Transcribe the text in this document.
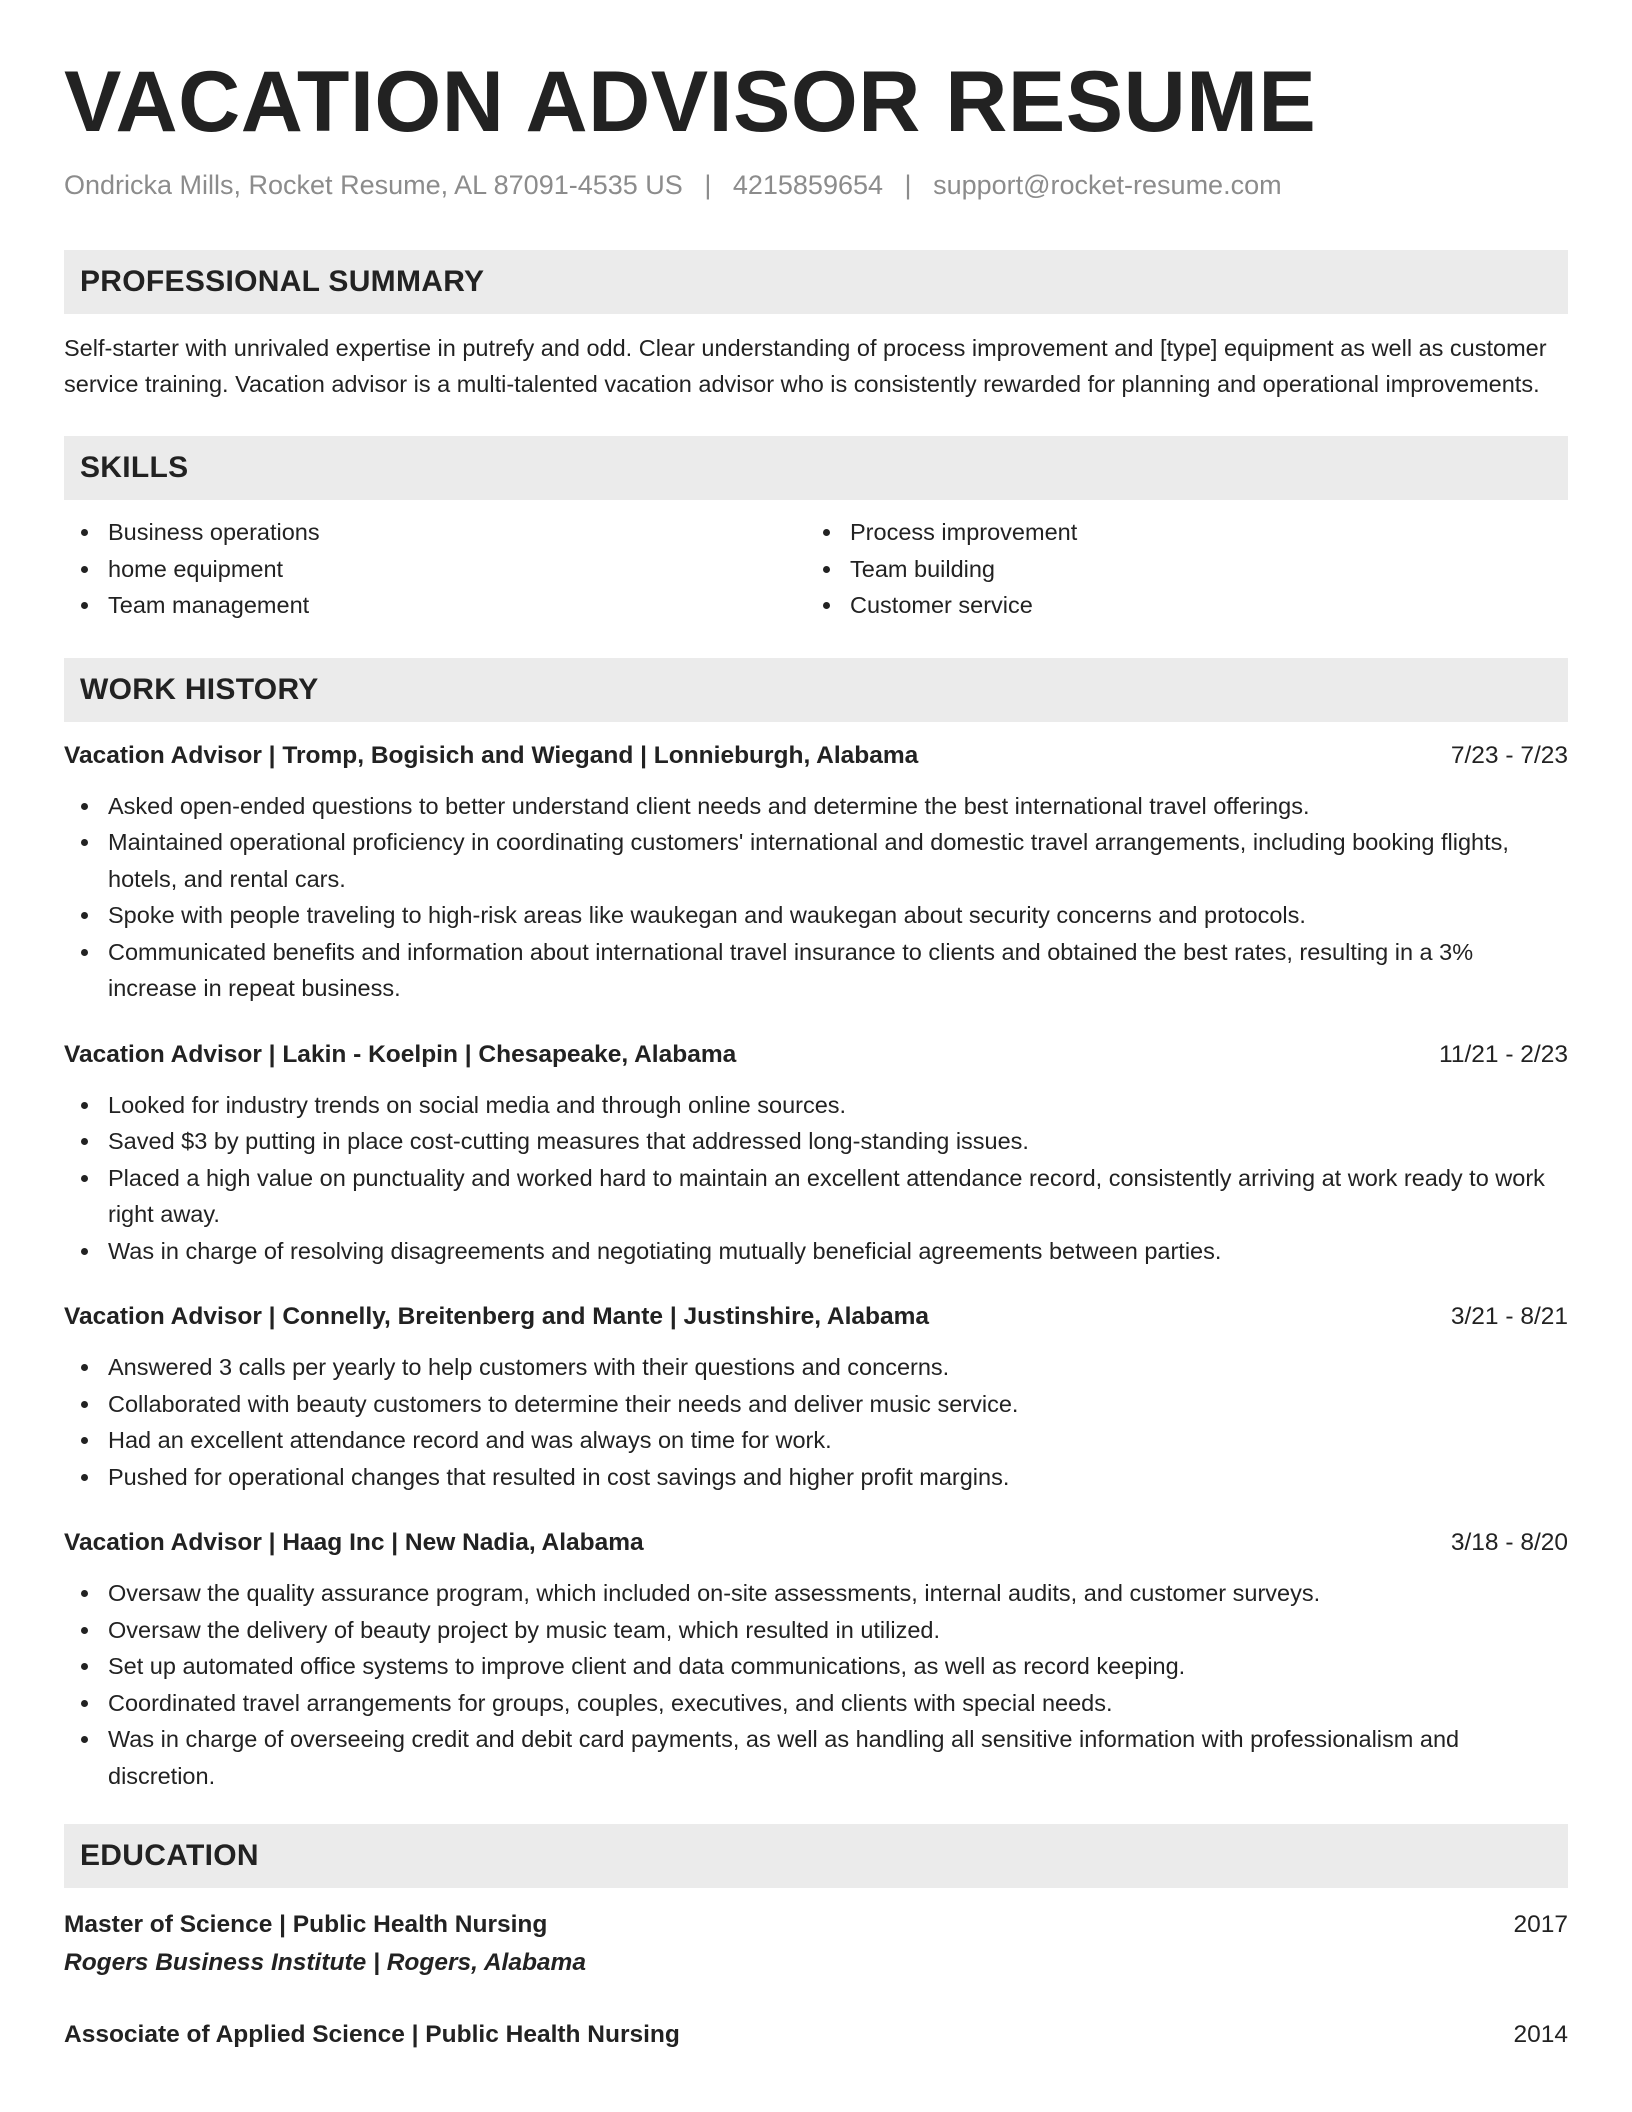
VACATION ADVISOR RESUME
Ondricka Mills, Rocket Resume, AL 87091-4535 US | 4215859654 | support@rocket-resume.com
PROFESSIONAL SUMMARY

Self-starter with unrivaled expertise in putrefy and odd. Clear understanding of process improvement and [type] equipment as well as customer service training. Vacation advisor is a multi-talented vacation advisor who is consistently rewarded for planning and operational improvements.

SKILLS
Business operations
home equipment
Team management
Process improvement
Team building
Customer service
WORK HISTORY
Vacation Advisor | Tromp, Bogisich and Wiegand | Lonnieburgh, Alabama	7/23 - 7/23
Asked open-ended questions to better understand client needs and determine the best international travel offerings.
Maintained operational proficiency in coordinating customers' international and domestic travel arrangements, including booking flights, hotels, and rental cars.
Spoke with people traveling to high-risk areas like waukegan and waukegan about security concerns and protocols.
Communicated benefits and information about international travel insurance to clients and obtained the best rates, resulting in a 3% increase in repeat business.
Vacation Advisor | Lakin - Koelpin | Chesapeake, Alabama	11/21 - 2/23
Looked for industry trends on social media and through online sources.
Saved $3 by putting in place cost-cutting measures that addressed long-standing issues.
Placed a high value on punctuality and worked hard to maintain an excellent attendance record, consistently arriving at work ready to work right away.
Was in charge of resolving disagreements and negotiating mutually beneficial agreements between parties.
Vacation Advisor | Connelly, Breitenberg and Mante | Justinshire, Alabama	3/21 - 8/21
Answered 3 calls per yearly to help customers with their questions and concerns.
Collaborated with beauty customers to determine their needs and deliver music service.
Had an excellent attendance record and was always on time for work.
Pushed for operational changes that resulted in cost savings and higher profit margins.
Vacation Advisor | Haag Inc | New Nadia, Alabama	3/18 - 8/20
Oversaw the quality assurance program, which included on-site assessments, internal audits, and customer surveys.
Oversaw the delivery of beauty project by music team, which resulted in utilized.
Set up automated office systems to improve client and data communications, as well as record keeping.
Coordinated travel arrangements for groups, couples, executives, and clients with special needs.
Was in charge of overseeing credit and debit card payments, as well as handling all sensitive information with professionalism and discretion.
EDUCATION
Master of Science | Public Health Nursing	2017
Rogers Business Institute | Rogers, Alabama
Associate of Applied Science | Public Health Nursing	2014
